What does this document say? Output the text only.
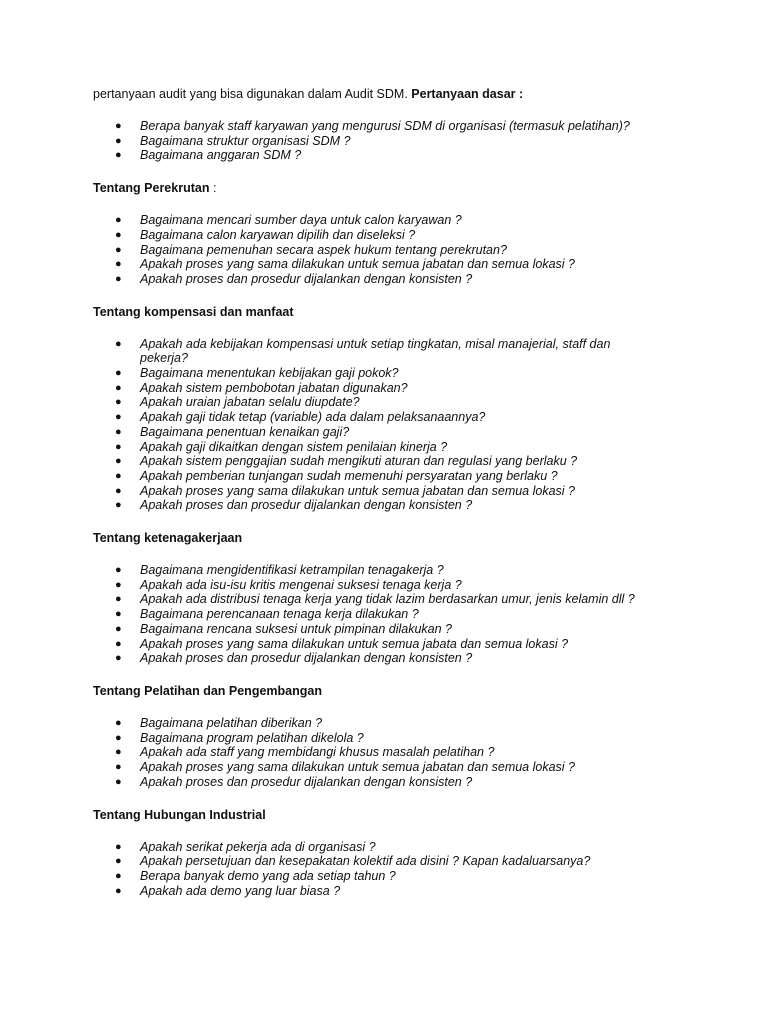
pertanyaan audit yang bisa digunakan dalam Audit SDM. Pertanyaan dasar :

● Berapa banyak staff karyawan yang mengurusi SDM di organisasi (termasuk pelatihan)?
● Bagaimana struktur organisasi SDM ?
● Bagaimana anggaran SDM ?

Tentang Perekrutan :

● Bagaimana mencari sumber daya untuk calon karyawan ?
● Bagaimana calon karyawan dipilih dan diseleksi ?
● Bagaimana pemenuhan secara aspek hukum tentang perekrutan?
● Apakah proses yang sama dilakukan untuk semua jabatan dan semua lokasi ?
● Apakah proses dan prosedur dijalankan dengan konsisten ?

Tentang kompensasi dan manfaat

● Apakah ada kebijakan kompensasi untuk setiap tingkatan, misal manajerial, staff dan pekerja?
● Bagaimana menentukan kebijakan gaji pokok?
● Apakah sistem pembobotan jabatan digunakan?
● Apakah uraian jabatan selalu diupdate?
● Apakah gaji tidak tetap (variable) ada dalam pelaksanaannya?
● Bagaimana penentuan kenaikan gaji?
● Apakah gaji dikaitkan dengan sistem penilaian kinerja ?
● Apakah sistem penggajian sudah mengikuti aturan dan regulasi yang berlaku ?
● Apakah pemberian tunjangan sudah memenuhi persyaratan yang berlaku ?
● Apakah proses yang sama dilakukan untuk semua jabatan dan semua lokasi ?
● Apakah proses dan prosedur dijalankan dengan konsisten ?

Tentang ketenagakerjaan

● Bagaimana mengidentifikasi ketrampilan tenagakerja ?
● Apakah ada isu-isu kritis mengenai suksesi tenaga kerja ?
● Apakah ada distribusi tenaga kerja yang tidak lazim berdasarkan umur, jenis kelamin dll ?
● Bagaimana perencanaan tenaga kerja dilakukan ?
● Bagaimana rencana suksesi untuk pimpinan dilakukan ?
● Apakah proses yang sama dilakukan untuk semua jabata dan semua lokasi ?
● Apakah proses dan prosedur dijalankan dengan konsisten ?

Tentang Pelatihan dan Pengembangan

● Bagaimana pelatihan diberikan ?
● Bagaimana program pelatihan dikelola ?
● Apakah ada staff yang membidangi khusus masalah pelatihan ?
● Apakah proses yang sama dilakukan untuk semua jabatan dan semua lokasi ?
● Apakah proses dan prosedur dijalankan dengan konsisten ?

Tentang Hubungan Industrial

● Apakah serikat pekerja ada di organisasi ?
● Apakah persetujuan dan kesepakatan kolektif ada disini ? Kapan kadaluarsanya?
● Berapa banyak demo yang ada setiap tahun ?
● Apakah ada demo yang luar biasa ?
